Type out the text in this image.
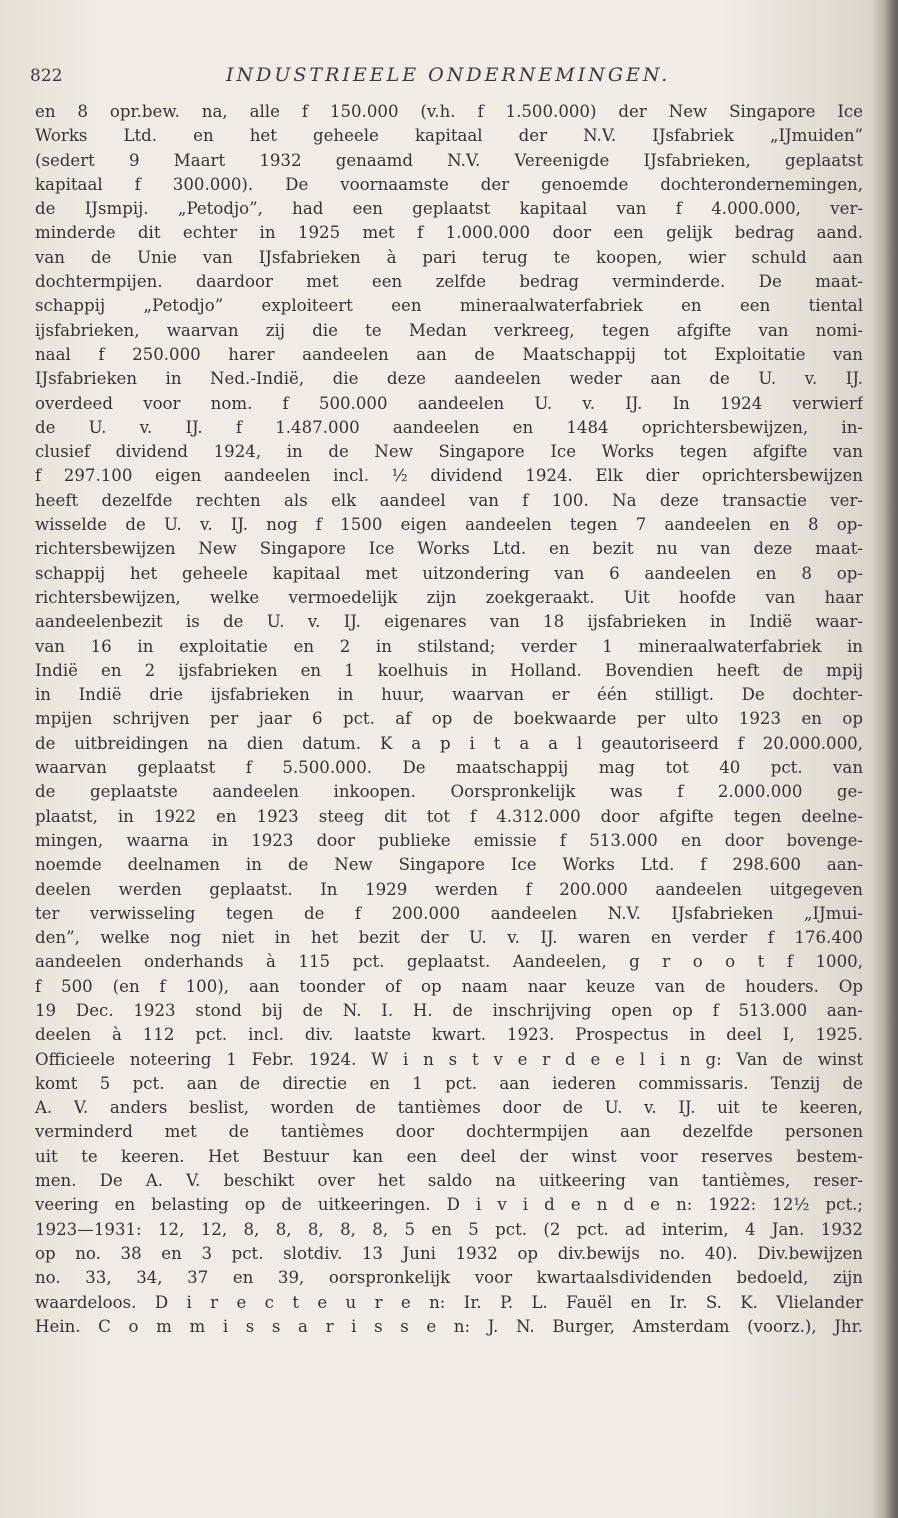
822	INDUSTRIEELE ONDERNEMINGEN.
en 8 opr.bew. na, alle f 150.000 (v.h. f 1.500.000) der New Singapore Ice
Works Ltd. en het geheele kapitaal der N.V. IJsfabriek „IJmuiden”
(sedert 9 Maart 1932 genaamd N.V. Vereenigde IJsfabrieken, geplaatst
kapitaal f 300.000). De voornaamste der genoemde dochterondernemingen,
de IJsmpij. „Petodjo”, had een geplaatst kapitaal van f 4.000.000, ver-
minderde dit echter in 1925 met f 1.000.000 door een gelijk bedrag aand.
van de Unie van IJsfabrieken à pari terug te koopen, wier schuld aan
dochtermpijen. daardoor met een zelfde bedrag verminderde. De maat-
schappij „Petodjo” exploiteert een mineraalwaterfabriek en een tiental
ijsfabrieken, waarvan zij die te Medan verkreeg, tegen afgifte van nomi-
naal f 250.000 harer aandeelen aan de Maatschappij tot Exploitatie van
IJsfabrieken in Ned.-Indië, die deze aandeelen weder aan de U. v. IJ.
overdeed voor nom. f 500.000 aandeelen U. v. IJ. In 1924 verwierf
de U. v. IJ. f 1.487.000 aandeelen en 1484 oprichtersbewijzen, in-
clusief dividend 1924, in de New Singapore Ice Works tegen afgifte van
f 297.100 eigen aandeelen incl. ½ dividend 1924. Elk dier oprichtersbewijzen
heeft dezelfde rechten als elk aandeel van f 100. Na deze transactie ver-
wisselde de U. v. IJ. nog f 1500 eigen aandeelen tegen 7 aandeelen en 8 op-
richtersbewijzen New Singapore Ice Works Ltd. en bezit nu van deze maat-
schappij het geheele kapitaal met uitzondering van 6 aandeelen en 8 op-
richtersbewijzen, welke vermoedelijk zijn zoekgeraakt. Uit hoofde van haar
aandeelenbezit is de U. v. IJ. eigenares van 18 ijsfabrieken in Indië waar-
van 16 in exploitatie en 2 in stilstand; verder 1 mineraalwaterfabriek in
Indië en 2 ijsfabrieken en 1 koelhuis in Holland. Bovendien heeft de mpij
in Indië drie ijsfabrieken in huur, waarvan er één stilligt. De dochter-
mpijen schrijven per jaar 6 pct. af op de boekwaarde per ulto 1923 en op
de uitbreidingen na dien datum. K a p i t a a l geautoriseerd f 20.000.000,
waarvan geplaatst f 5.500.000. De maatschappij mag tot 40 pct. van
de geplaatste aandeelen inkoopen. Oorspronkelijk was f 2.000.000 ge-
plaatst, in 1922 en 1923 steeg dit tot f 4.312.000 door afgifte tegen deelne-
mingen, waarna in 1923 door publieke emissie f 513.000 en door bovenge-
noemde deelnamen in de New Singapore Ice Works Ltd. f 298.600 aan-
deelen werden geplaatst. In 1929 werden f 200.000 aandeelen uitgegeven
ter verwisseling tegen de f 200.000 aandeelen N.V. IJsfabrieken „IJmui-
den”, welke nog niet in het bezit der U. v. IJ. waren en verder f 176.400
aandeelen onderhands à 115 pct. geplaatst. Aandeelen, g r o o t f 1000,
f 500 (en f 100), aan toonder of op naam naar keuze van de houders. Op
19 Dec. 1923 stond bij de N. I. H. de inschrijving open op f 513.000 aan-
deelen à 112 pct. incl. div. laatste kwart. 1923. Prospectus in deel I, 1925.
Officieele noteering 1 Febr. 1924. W i n s t v e r d e e l i n g: Van de winst
komt 5 pct. aan de directie en 1 pct. aan iederen commissaris. Tenzij de
A. V. anders beslist, worden de tantièmes door de U. v. IJ. uit te keeren,
verminderd met de tantièmes door dochtermpijen aan dezelfde personen
uit te keeren. Het Bestuur kan een deel der winst voor reserves bestem-
men. De A. V. beschikt over het saldo na uitkeering van tantièmes, reser-
veering en belasting op de uitkeeringen. D i v i d e n d e n: 1922: 12½ pct.;
1923—1931: 12, 12, 8, 8, 8, 8, 8, 5 en 5 pct. (2 pct. ad interim, 4 Jan. 1932
op no. 38 en 3 pct. slotdiv. 13 Juni 1932 op div.bewijs no. 40). Div.bewijzen
no. 33, 34, 37 en 39, oorspronkelijk voor kwartaalsdividenden bedoeld, zijn
waardeloos. D i r e c t e u r e n: Ir. P. L. Fauël en Ir. S. K. Vlielander
Hein. C o m m i s s a r i s s e n: J. N. Burger, Amsterdam (voorz.), Jhr.
